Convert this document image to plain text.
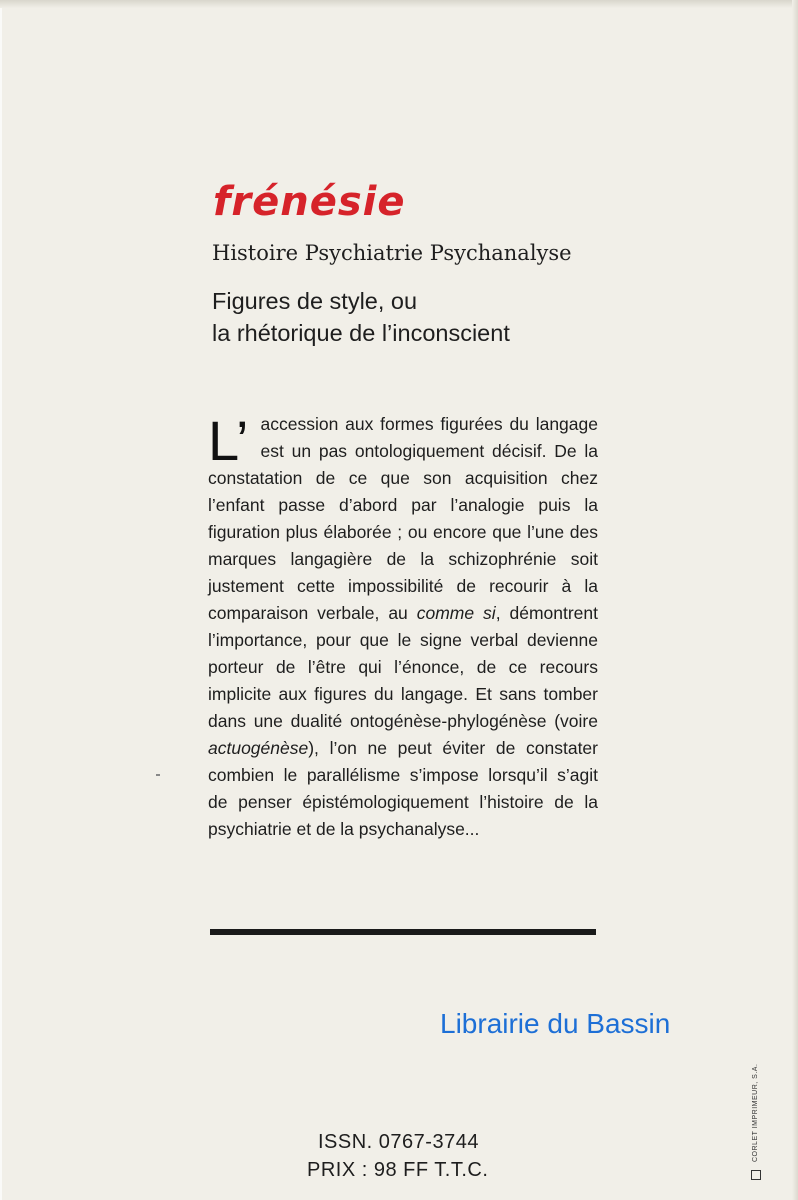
frénésie
Histoire Psychiatrie Psychanalyse
Figures de style, ou
la rhétorique de l’inconscient
L’ accession aux formes figurées du langage est un pas ontologiquement décisif. De la constatation de ce que son acquisition chez l’enfant passe d’abord par l’analogie puis la figuration plus élaborée ; ou encore que l’une des marques langagière de la schizophrénie soit justement cette impossibilité de recourir à la comparaison verbale, au comme si, démontrent l’importance, pour que le signe verbal devienne porteur de l’être qui l’énonce, de ce recours implicite aux figures du langage. Et sans tomber dans une dualité ontogénèse-phylogénèse (voire actuogénèse), l’on ne peut éviter de constater combien le parallélisme s’impose lorsqu’il s’agit de penser épistémologiquement l’histoire de la psychiatrie et de la psychanalyse...

Librairie du Bassin
CORLET IMPRIMEUR, S.A.
ISSN. 0767-3744
PRIX : 98 FF T.T.C.
